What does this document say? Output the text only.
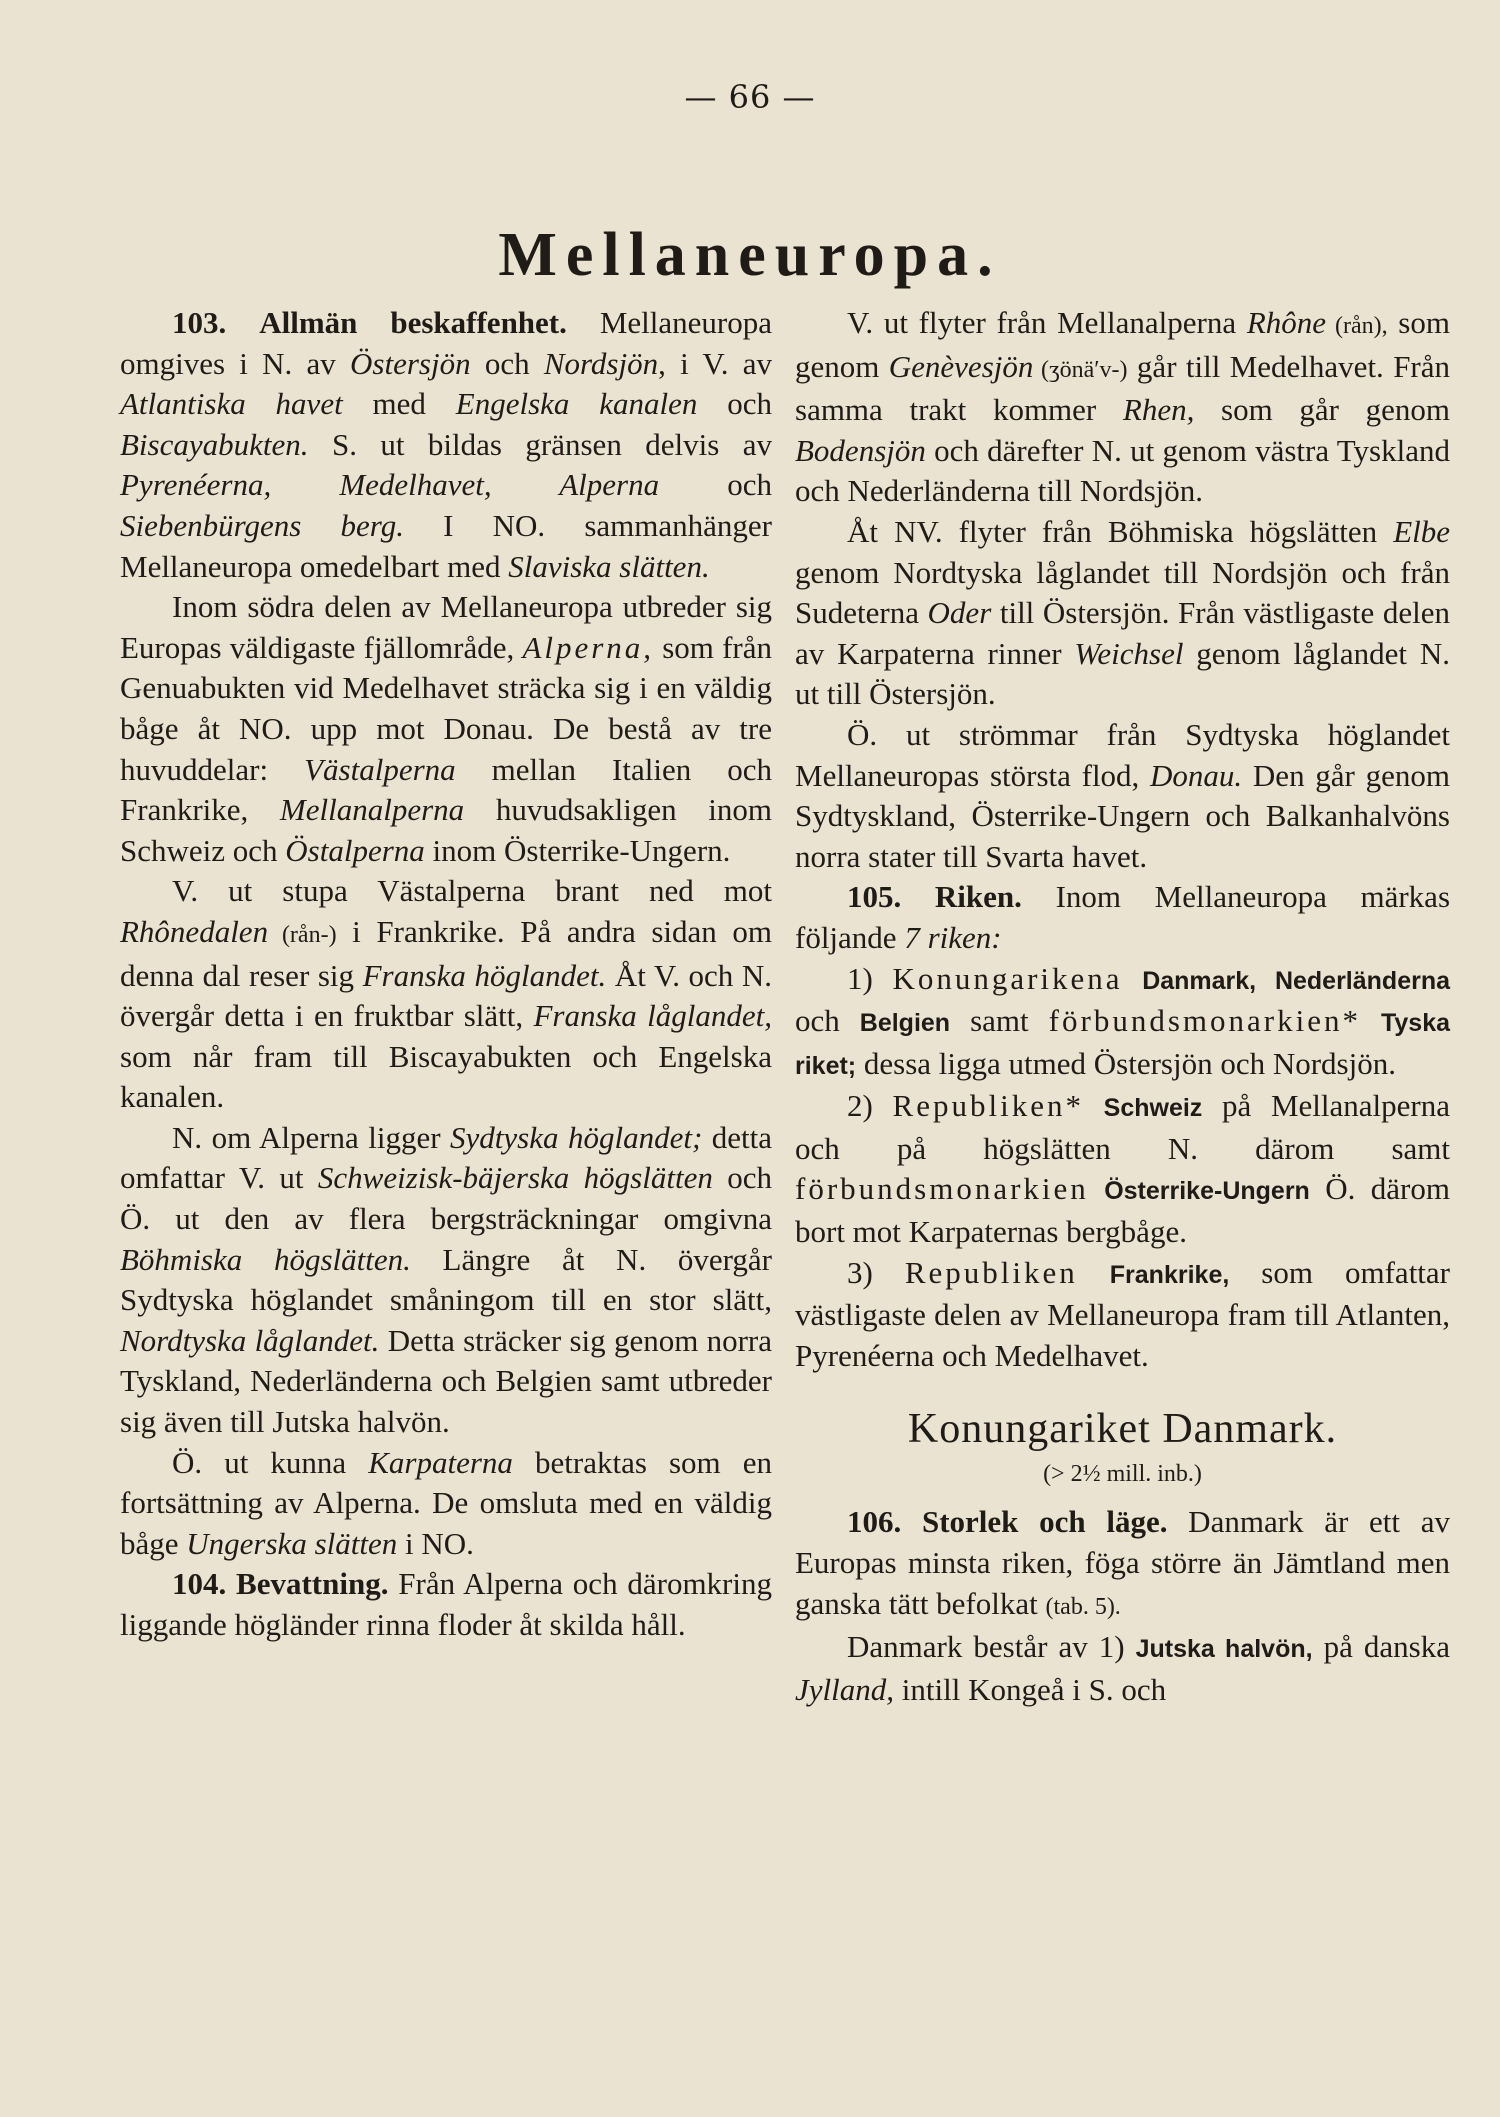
— 66 —
Mellaneuropa.

103. Allmän beskaffenhet. Mellaneuropa omgives i N. av Östersjön och Nordsjön, i V. av Atlantiska havet med Engelska kanalen och Biscayabukten. S. ut bildas gränsen delvis av Pyrenéerna, Medelhavet, Alperna och Siebenbürgens berg. I NO. sammanhänger Mellaneuropa omedelbart med Slaviska slätten.

Inom södra delen av Mellaneuropa utbreder sig Europas väldigaste fjällområde, Alperna, som från Genuabukten vid Medelhavet sträcka sig i en väldig båge åt NO. upp mot Donau. De bestå av tre huvuddelar: Västalperna mellan Italien och Frankrike, Mellanalperna huvudsakligen inom Schweiz och Östalperna inom Österrike-Ungern.

V. ut stupa Västalperna brant ned mot Rhônedalen (rån-) i Frankrike. På andra sidan om denna dal reser sig Franska höglandet. Åt V. och N. övergår detta i en fruktbar slätt, Franska låglandet, som når fram till Biscayabukten och Engelska kanalen.

N. om Alperna ligger Sydtyska höglandet; detta omfattar V. ut Schweizisk-bäjerska högslätten och Ö. ut den av flera bergsträckningar omgivna Böhmiska högslätten. Längre åt N. övergår Sydtyska höglandet småningom till en stor slätt, Nordtyska låglandet. Detta sträcker sig genom norra Tyskland, Nederländerna och Belgien samt utbreder sig även till Jutska halvön.

Ö. ut kunna Karpaterna betraktas som en fortsättning av Alperna. De omsluta med en väldig båge Ungerska slätten i NO.

104. Bevattning. Från Alperna och däromkring liggande högländer rinna floder åt skilda håll.

V. ut flyter från Mellanalperna Rhône (rån), som genom Genèvesjön (ʒönä′v-) går till Medelhavet. Från samma trakt kommer Rhen, som går genom Bodensjön och därefter N. ut genom västra Tyskland och Nederländerna till Nordsjön.

Åt NV. flyter från Böhmiska högslätten Elbe genom Nordtyska låglandet till Nordsjön och från Sudeterna Oder till Östersjön. Från västligaste delen av Karpaterna rinner Weichsel genom låglandet N. ut till Östersjön.

Ö. ut strömmar från Sydtyska höglandet Mellaneuropas största flod, Donau. Den går genom Sydtyskland, Österrike-Ungern och Balkanhalvöns norra stater till Svarta havet.

105. Riken. Inom Mellaneuropa märkas följande 7 riken:

1) Konungarikena Danmark, Nederländerna och Belgien samt förbundsmonarkien* Tyska riket; dessa ligga utmed Östersjön och Nordsjön.

2) Republiken* Schweiz på Mellanalperna och på högslätten N. därom samt förbundsmonarkien Österrike-Ungern Ö. därom bort mot Karpaternas bergbåge.

3) Republiken Frankrike, som omfattar västligaste delen av Mellaneuropa fram till Atlanten, Pyrenéerna och Medelhavet.

Konungariket Danmark.
(> 2½ mill. inb.)

106. Storlek och läge. Danmark är ett av Europas minsta riken, föga större än Jämtland men ganska tätt befolkat (tab. 5).

Danmark består av 1) Jutska halvön, på danska Jylland, intill Kongeå i S. och
